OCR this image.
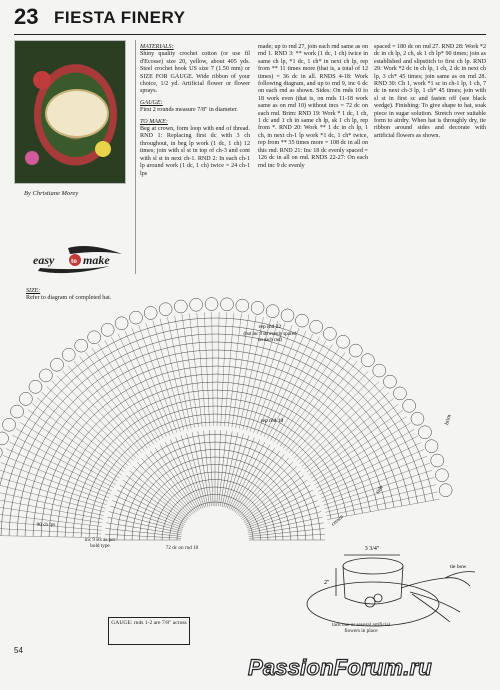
23 FIESTA FINERY
By Christiane Morey
easy to make

MATERIALS:
Shiny quality crochet cotton (or use fil d'Ecosse) size 20, yellow, about 405 yds. Steel crochet hook US size 7 (1.50 mm) or SIZE FOR GAUGE. Wide ribbon of your choice, 1/2 yd. Artificial flower or flower sprays.

GAUGE:
First 2 rounds measure 7/8" in diameter.

TO MAKE:
Beg at crown, form loop with end of thread. RND 1: Replacing first dc with 3 ch throughout, in beg lp work (1 dc, 1 ch) 12 times; join with sl st in top of ch-3 and cont with sl st in next ch-1. RND 2: In each ch-1 lp around work (1 dc, 1 ch) twice = 24 ch-1 lps

made; up to rnd 27, join each rnd same as on rnd 1. RND 3: ** work (1 dc, 1 ch) twice in same ch lp, *1 dc, 1 ch* in next ch lp, rep from ** 11 times more (that is, a total of 12 times) = 36 dc in all. RNDS 4-18: Work following diagram, and up to rnd 9, inc 6 dc on each rnd as shown. Sides: On rnds 10 to 18 work even (that is, on rnds 11-18 work same as on rnd 10) without incs = 72 dc on each rnd. Brim: RND 19: Work * 1 dc, 1 ch, 1 dc and 1 ch in same ch lp, sk 1 ch lp, rep from *. RND 20: Work ** 1 dc in ch lp, 1 ch, in next ch-1 lp work *1 dc, 1 ch* twice, rep from ** 35 times more = 108 dc in all on this rnd. RND 21: Inc 18 dc evenly spaced = 126 dc in all on rnd. RNDS 22-27: On each rnd inc 9 dc evenly

spaced = 180 dc on rnd 27. RND 28: Work *2 dc in ch lp, 2 ch, sk 1 ch lp* 90 times; join as established and slipstitch to first ch lp. RND 29: Work *2 dc in ch lp, 1 ch, 2 dc in next ch lp, 3 ch* 45 times; join same as on rnd 28. RND 30: Ch 1, work *1 sc in ch-1 lp, 1 ch, 7 dc in next ch-3 lp, 1 ch* 45 times; join with sl st in first sc and fasten off (see black wedge). Finishing: To give shape to hat, soak piece in sugar solution. Stretch over suitable form to airdry. When hat is throughly dry, tie ribbon around sides and decorate with artificial flowers as shown.

SIZE:
Refer to diagram of completed hat.
rep rnd 22
(but inc 9 sts evenly spaced
on each rnd)
rep rnd 10	brim
side
crown
90 ch lps
inc 9 sts as per bold type	72 dc on rnd 10
GAUGE: rnds 1-2 are 7/8" across
3 3/4"
2"
tie bow
tack one or several artificial flowers in place
54
PassionForum.ru
